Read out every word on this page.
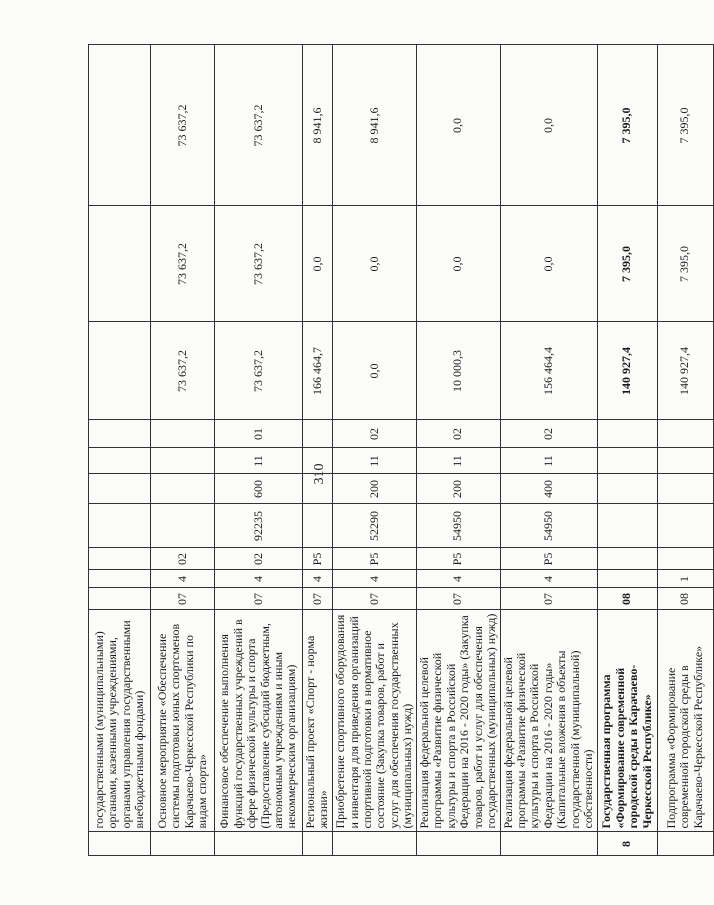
310
		государственными (муниципальными) органами, казенными учреждениями, органами управления государственными внебюджетными фондами)										
		Основное мероприятие «Обеспечение системы подготовки юных спортсменов Карачаево-Черкесской Республики по видам спорта»	07	4	02					73 637,2	73 637,2	73 637,2
		Финансовое обеспечение выполнения функций государственных учреждений в сфере физической культуры и спорта (Предоставление субсидий бюджетным, автономным учреждениям и иным некоммерческим организациям)	07	4	02	92235	600	11	01	73 637,2	73 637,2	73 637,2
		Региональный проект «Спорт - норма жизни»	07	4	P5					166 464,7	0,0	8 941,6
		Приобретение спортивного оборудования и инвентаря для приведения организаций спортивной подготовки в нормативное состояние (Закупка товаров, работ и услуг для обеспечения государственных (муниципальных) нужд)	07	4	P5	52290	200	11	02	0,0	0,0	8 941,6
		Реализация федеральной целевой программы «Развитие физической культуры и спорта в Российской Федерации на 2016 - 2020 годы» (Закупка товаров, работ и услуг для обеспечения государственных (муниципальных) нужд)	07	4	P5	54950	200	11	02	10 000,3	0,0	0,0
		Реализация федеральной целевой программы «Развитие физической культуры и спорта в Российской Федерации на 2016 - 2020 годы» (Капитальные вложения в объекты государственной (муниципальной) собственности)	07	4	P5	54950	400	11	02	156 464,4	0,0	0,0
	8	Государственная программа «Формирование современной городской среды в Карачаево-Черкесской Республике»	08							140 927,4	7 395,0	7 395,0
		Подпрограмма «Формирование современной городской среды в Карачаево-Черкесской Республике»	08	1						140 927,4	7 395,0	7 395,0
